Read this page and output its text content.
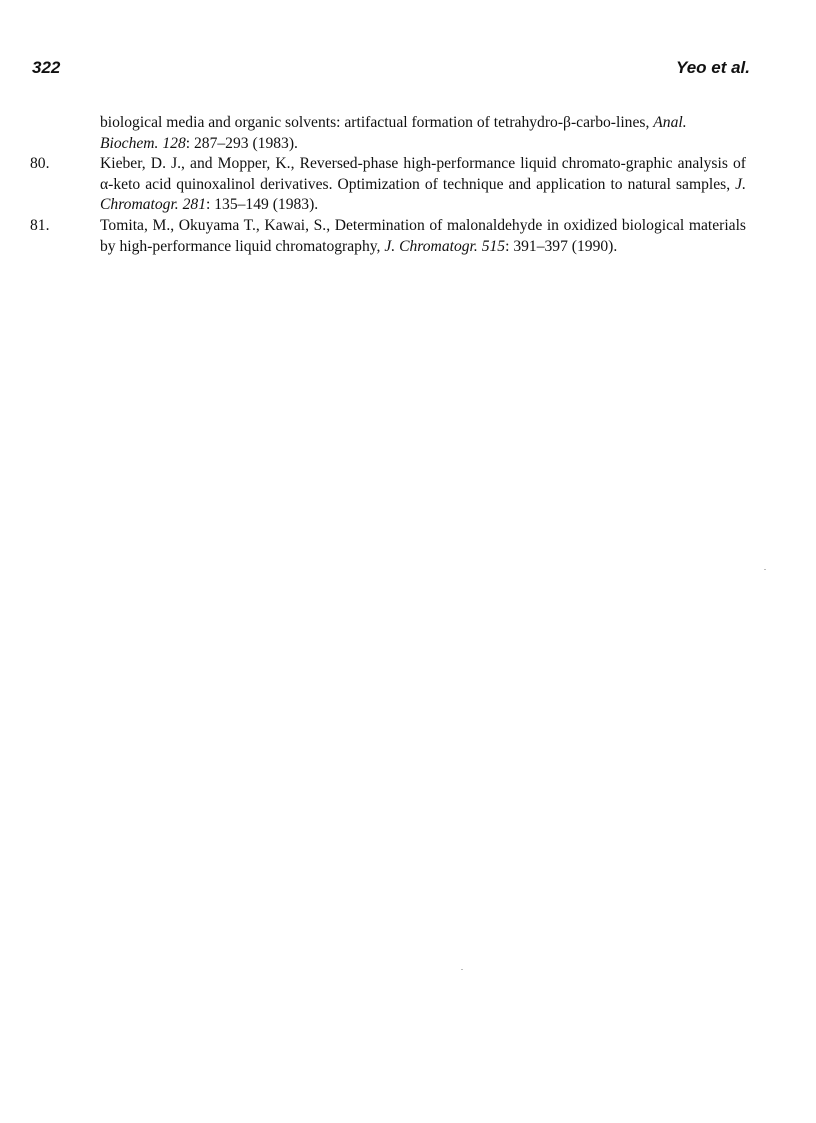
322	Yeo et al.
biological media and organic solvents: artifactual formation of tetrahydro-β-carbo-lines, Anal. Biochem. 128: 287–293 (1983).
80.	Kieber, D. J., and Mopper, K., Reversed-phase high-performance liquid chromato-graphic analysis of α-keto acid quinoxalinol derivatives. Optimization of technique and application to natural samples, J. Chromatogr. 281: 135–149 (1983).
81.	Tomita, M., Okuyama T., Kawai, S., Determination of malonaldehyde in oxidized biological materials by high-performance liquid chromatography, J. Chromatogr. 515: 391–397 (1990).
